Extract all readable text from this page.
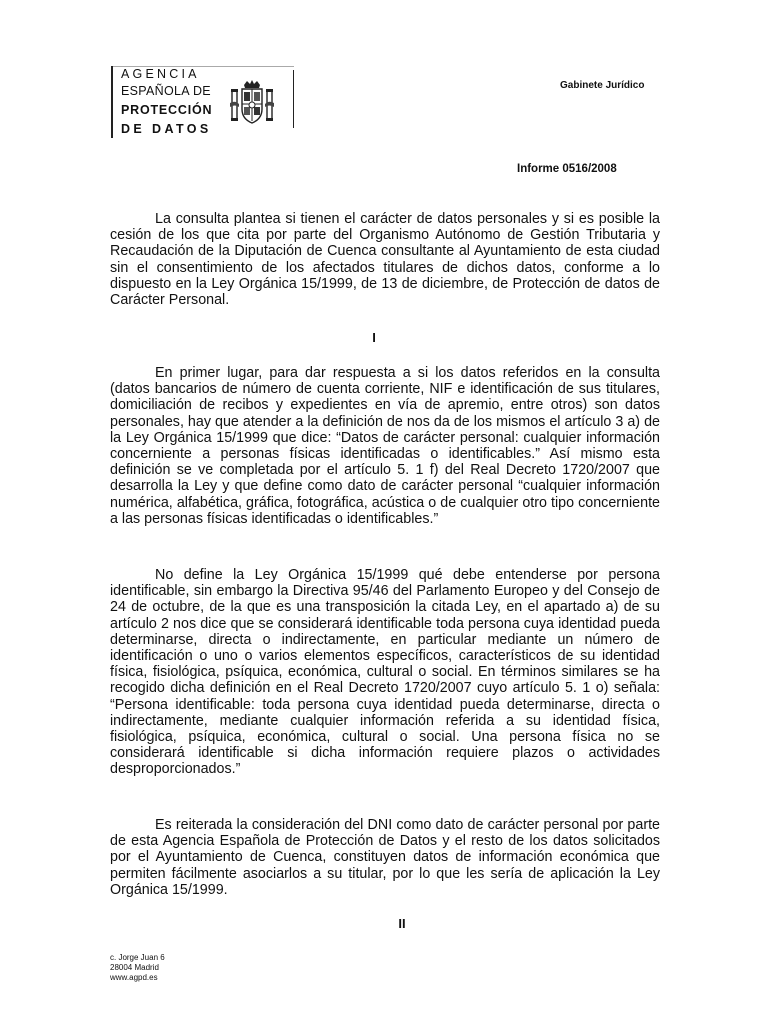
AGENCIA
ESPAÑOLA DE
PROTECCIÓN
DE DATOS
Gabinete Jurídico
Informe 0516/2008

La consulta plantea si tienen el carácter de datos personales y si es posible la cesión de los que cita por parte del Organismo Autónomo de Gestión Tributaria y Recaudación de la Diputación de Cuenca consultante al Ayuntamiento de esta ciudad sin el consentimiento de los afectados titulares de dichos datos, conforme a lo dispuesto en la Ley Orgánica 15/1999, de 13 de diciembre, de Protección de datos de Carácter Personal.

I

En primer lugar, para dar respuesta a si los datos referidos en la consulta (datos bancarios de número de cuenta corriente, NIF e identificación de sus titulares, domiciliación de recibos y expedientes en vía de apremio, entre otros) son datos personales, hay que atender a la definición de nos da de los mismos el artículo 3 a) de la Ley Orgánica 15/1999 que dice: “Datos de carácter personal: cualquier información concerniente a personas físicas identificadas o identificables.” Así mismo esta definición se ve completada por el artículo 5. 1 f) del Real Decreto 1720/2007 que desarrolla la Ley y que define como dato de carácter personal “cualquier información numérica, alfabética, gráfica, fotográfica, acústica o de cualquier otro tipo concerniente a las personas físicas identificadas o identificables.”

No define la Ley Orgánica 15/1999 qué debe entenderse por persona identificable, sin embargo la Directiva 95/46 del Parlamento Europeo y del Consejo de 24 de octubre, de la que es una transposición la citada Ley, en el apartado a) de su artículo 2 nos dice que se considerará identificable toda persona cuya identidad pueda determinarse, directa o indirectamente, en particular mediante un número de identificación o uno o varios elementos específicos, característicos de su identidad física, fisiológica, psíquica, económica, cultural o social. En términos similares se ha recogido dicha definición en el Real Decreto 1720/2007 cuyo artículo 5. 1 o) señala: “Persona identificable: toda persona cuya identidad pueda determinarse, directa o indirectamente, mediante cualquier información referida a su identidad física, fisiológica, psíquica, económica, cultural o social. Una persona física no se considerará identificable si dicha información requiere plazos o actividades desproporcionados.”

Es reiterada la consideración del DNI como dato de carácter personal por parte de esta Agencia Española de Protección de Datos y el resto de los datos solicitados por el Ayuntamiento de Cuenca, constituyen datos de información económica que permiten fácilmente asociarlos a su titular, por lo que les sería de aplicación la Ley Orgánica 15/1999.

II
c. Jorge Juan 6
28004 Madrid
www.agpd.es
